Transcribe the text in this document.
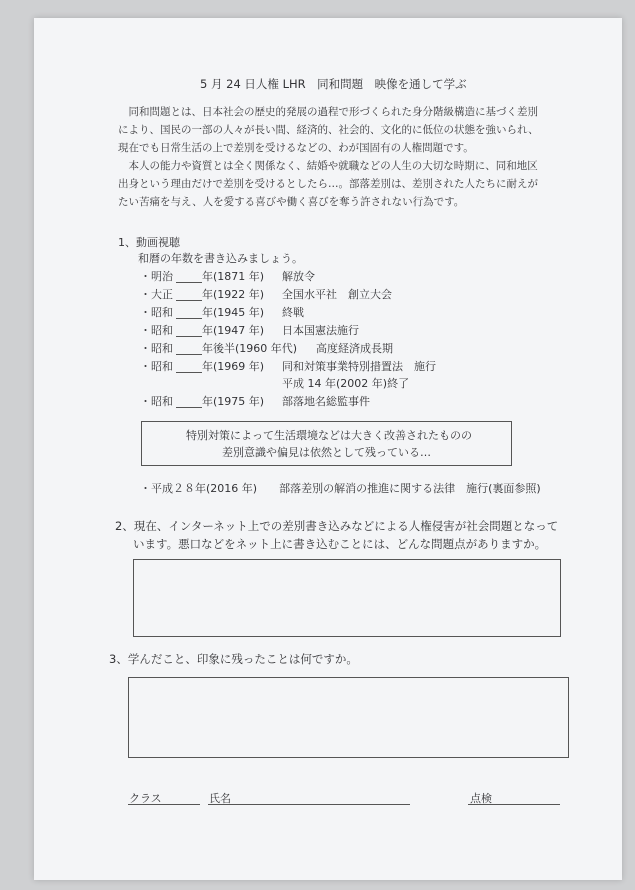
5 月 24 日人権 LHR　同和問題　映像を通して学ぶ

同和問題とは、日本社会の歴史的発展の過程で形づくられた身分階級構造に基づく差別により、国民の一部の人々が長い間、経済的、社会的、文化的に低位の状態を強いられ、現在でも日常生活の上で差別を受けるなどの、わが国固有の人権問題です。

本人の能力や資質とは全く関係なく、結婚や就職などの人生の大切な時期に、同和地区出身という理由だけで差別を受けるとしたら…。部落差別は、差別された人たちに耐えがたい苦痛を与え、人を愛する喜びや働く喜びを奪う許されない行為です。

1、動画視聴
和暦の年数を書き込みましょう。
・明治	年(1871 年) 解放令
・大正	年(1922 年) 全国水平社　創立大会
・昭和	年(1945 年) 終戦
・昭和	年(1947 年) 日本国憲法施行
・昭和	年後半(1960 年代) 高度経済成長期
・昭和	年(1969 年) 同和対策事業特別措置法　施行
平成 14 年(2002 年)終了
・昭和	年(1975 年) 部落地名総監事件
特別対策によって生活環境などは大きく改善されたものの
差別意識や偏見は依然として残っている…
・平成２８年(2016 年)　　部落差別の解消の推進に関する法律　施行(裏面参照)
2、現在、インターネット上での差別書き込みなどによる人権侵害が社会問題となって
います。悪口などをネット上に書き込むことには、どんな問題点がありますか。
3、学んだこと、印象に残ったことは何ですか。
クラス	氏名	点検
